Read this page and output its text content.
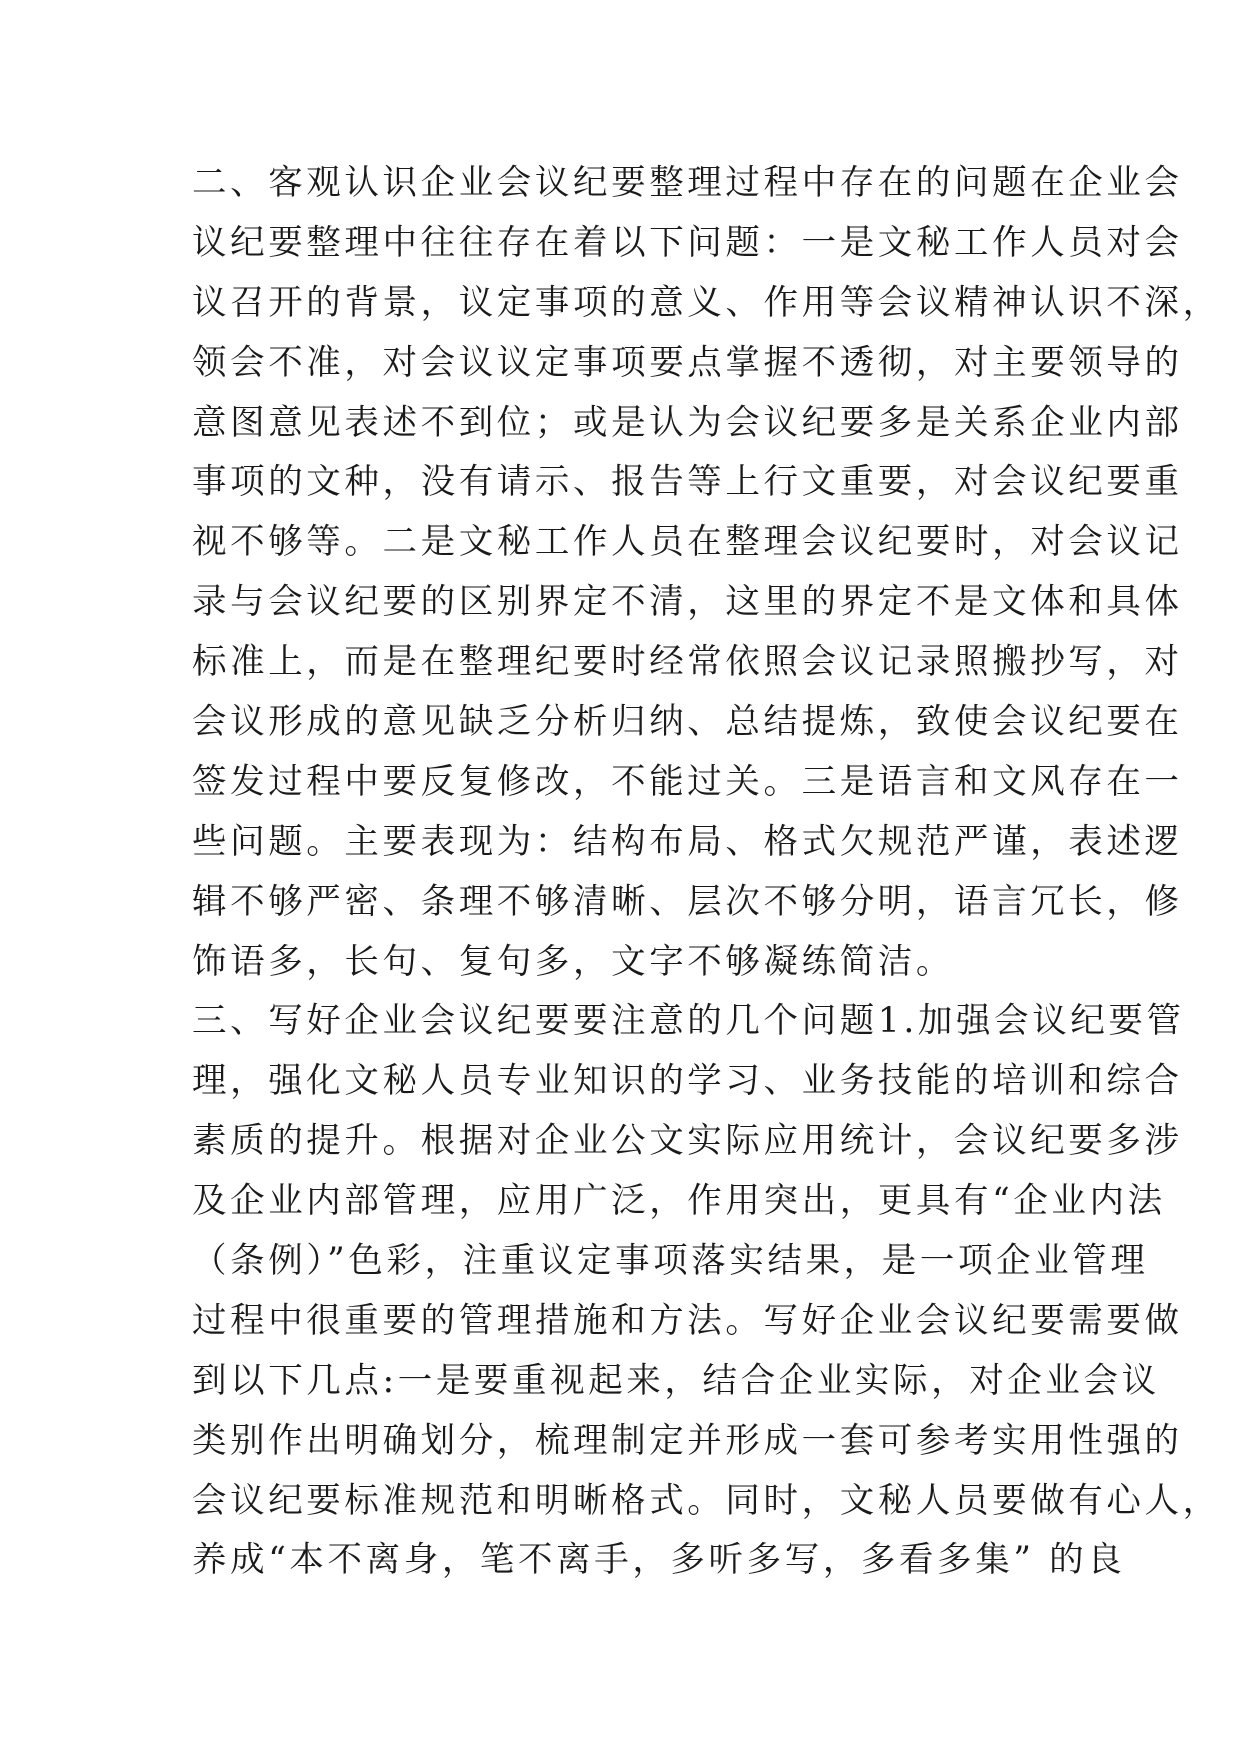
二、客观认识企业会议纪要整理过程中存在的问题在企业会
议纪要整理中往往存在着以下问题：一是文秘工作人员对会
议召开的背景，议定事项的意义、作用等会议精神认识不深，
领会不准，对会议议定事项要点掌握不透彻，对主要领导的
意图意见表述不到位；或是认为会议纪要多是关系企业内部
事项的文种，没有请示、报告等上行文重要，对会议纪要重
视不够等。二是文秘工作人员在整理会议纪要时，对会议记
录与会议纪要的区别界定不清，这里的界定不是文体和具体
标准上，而是在整理纪要时经常依照会议记录照搬抄写，对
会议形成的意见缺乏分析归纳、总结提炼，致使会议纪要在
签发过程中要反复修改，不能过关。三是语言和文风存在一
些问题。主要表现为：结构布局、格式欠规范严谨，表述逻
辑不够严密、条理不够清晰、层次不够分明，语言冗长，修
饰语多，长句、复句多，文字不够凝练简洁。
三、写好企业会议纪要要注意的几个问题1.加强会议纪要管
理，强化文秘人员专业知识的学习、业务技能的培训和综合
素质的提升。根据对企业公文实际应用统计，会议纪要多涉
及企业内部管理，应用广泛，作用突出，更具有“企业内法
（条例）”色彩，注重议定事项落实结果，是一项企业管理
过程中很重要的管理措施和方法。写好企业会议纪要需要做
到以下几点:一是要重视起来，结合企业实际，对企业会议
类别作出明确划分，梳理制定并形成一套可参考实用性强的
会议纪要标准规范和明晰格式。同时，文秘人员要做有心人，
养成“本不离身，笔不离手，多听多写，多看多集” 的良
